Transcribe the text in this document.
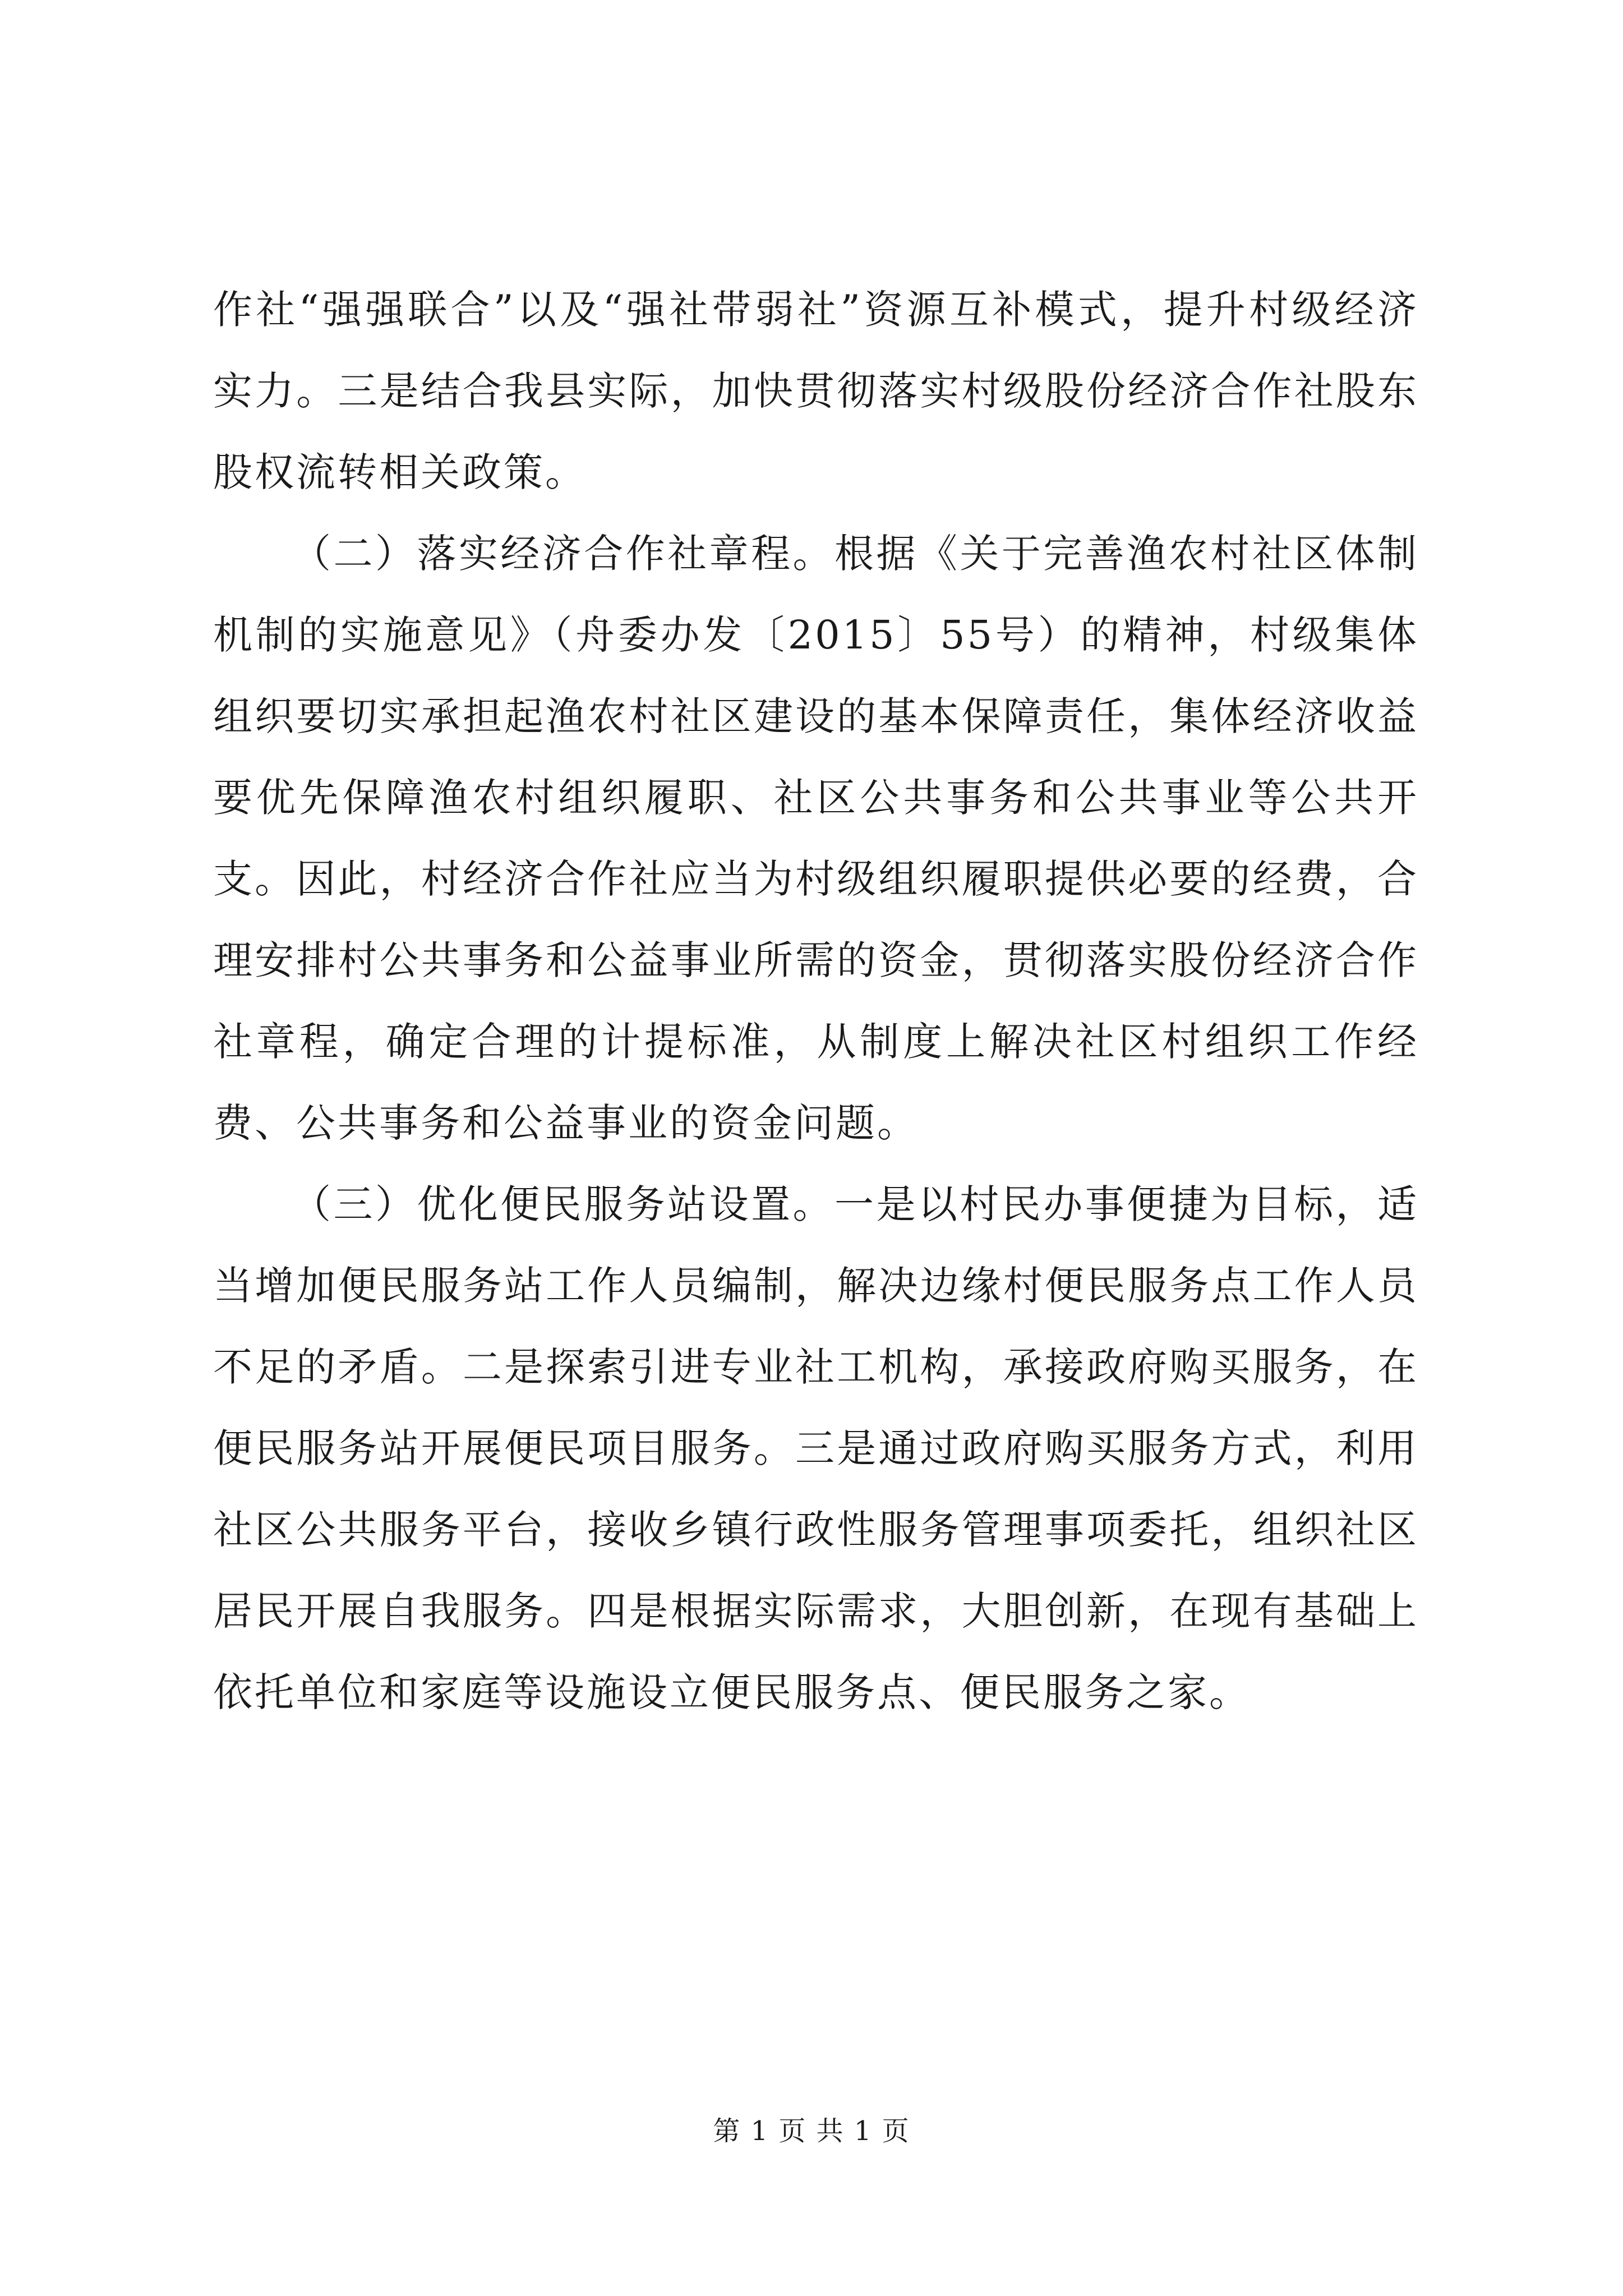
作社“强强联合”以及“强社带弱社”资源互补模式，提升村级经济实力。三是结合我县实际，加快贯彻落实村级股份经济合作社股东股权流转相关政策。

（二）落实经济合作社章程。根据《关于完善渔农村社区体制机制的实施意见》（舟委办发〔2015〕55号）的精神，村级集体组织要切实承担起渔农村社区建设的基本保障责任，集体经济收益要优先保障渔农村组织履职、社区公共事务和公共事业等公共开支。因此，村经济合作社应当为村级组织履职提供必要的经费，合理安排村公共事务和公益事业所需的资金，贯彻落实股份经济合作社章程，确定合理的计提标准，从制度上解决社区村组织工作经费、公共事务和公益事业的资金问题。

（三）优化便民服务站设置。一是以村民办事便捷为目标，适当增加便民服务站工作人员编制，解决边缘村便民服务点工作人员不足的矛盾。二是探索引进专业社工机构，承接政府购买服务，在便民服务站开展便民项目服务。三是通过政府购买服务方式，利用社区公共服务平台，接收乡镇行政性服务管理事项委托，组织社区居民开展自我服务。四是根据实际需求，大胆创新，在现有基础上依托单位和家庭等设施设立便民服务点、便民服务之家。

第 1 页 共 1 页
